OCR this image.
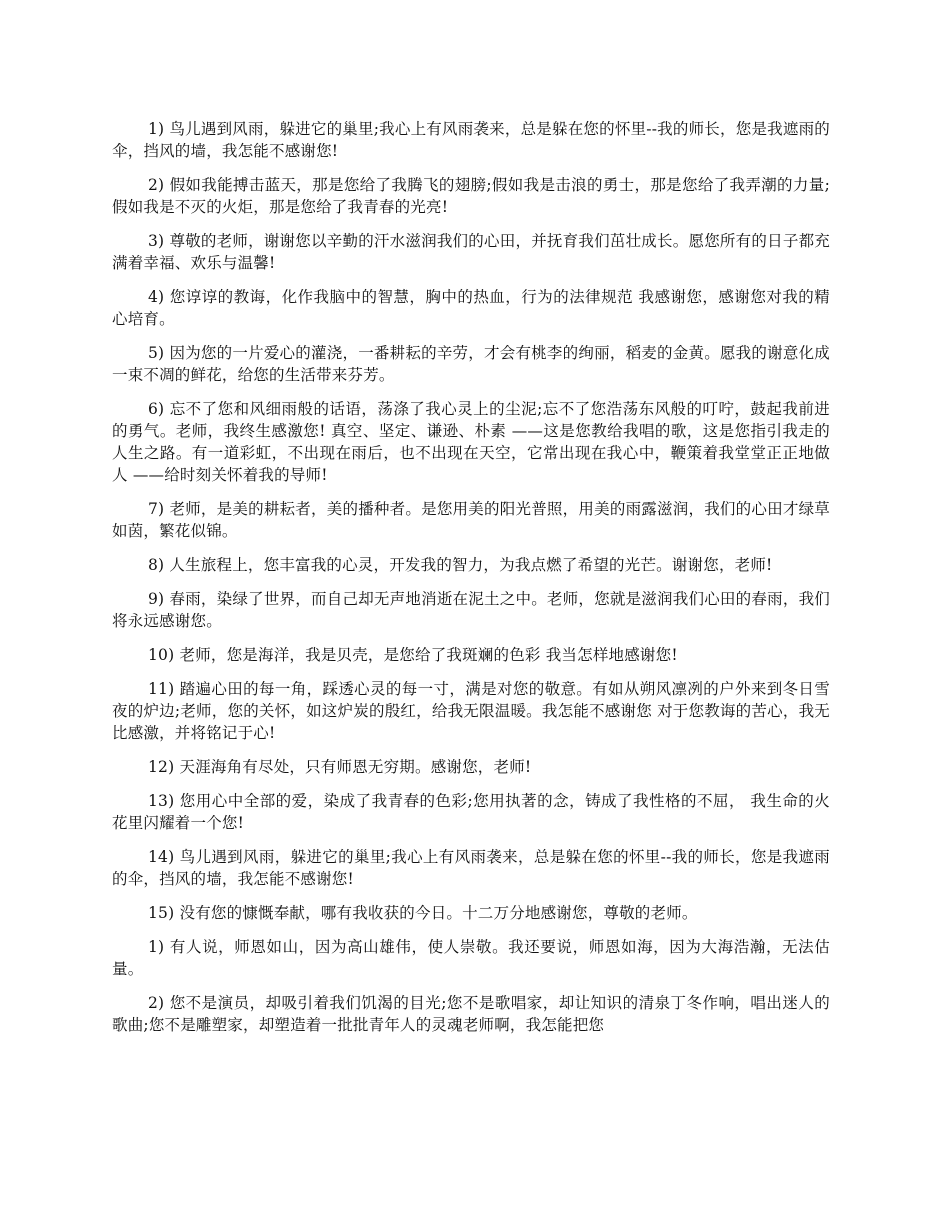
1) 鸟儿遇到风雨，躲进它的巢里;我心上有风雨袭来，总是躲在您的怀里--我的师长，您是我遮雨的伞，挡风的墙，我怎能不感谢您!

2) 假如我能搏击蓝天，那是您给了我腾飞的翅膀;假如我是击浪的勇士，那是您给了我弄潮的力量;假如我是不灭的火炬，那是您给了我青春的光亮!

3) 尊敬的老师，谢谢您以辛勤的汗水滋润我们的心田，并抚育我们茁壮成长。愿您所有的日子都充满着幸福、欢乐与温馨!

4) 您谆谆的教诲，化作我脑中的智慧，胸中的热血，行为的法律规范 我感谢您，感谢您对我的精心培育。

5) 因为您的一片爱心的灌浇，一番耕耘的辛劳，才会有桃李的绚丽，稻麦的金黄。愿我的谢意化成一束不凋的鲜花，给您的生活带来芬芳。

6) 忘不了您和风细雨般的话语，荡涤了我心灵上的尘泥;忘不了您浩荡东风般的叮咛，鼓起我前进的勇气。老师，我终生感激您! 真空、坚定、谦逊、朴素 ——这是您教给我唱的歌，这是您指引我走的人生之路。有一道彩虹，不出现在雨后，也不出现在天空，它常出现在我心中，鞭策着我堂堂正正地做人 ——给时刻关怀着我的导师!

7) 老师，是美的耕耘者，美的播种者。是您用美的阳光普照，用美的雨露滋润，我们的心田才绿草如茵，繁花似锦。

8) 人生旅程上，您丰富我的心灵，开发我的智力，为我点燃了希望的光芒。谢谢您，老师!

9) 春雨，染绿了世界，而自己却无声地消逝在泥土之中。老师，您就是滋润我们心田的春雨，我们将永远感谢您。

10) 老师，您是海洋，我是贝壳，是您给了我斑斓的色彩 我当怎样地感谢您!

11) 踏遍心田的每一角，踩透心灵的每一寸，满是对您的敬意。有如从朔风凛冽的户外来到冬日雪夜的炉边;老师，您的关怀，如这炉炭的殷红，给我无限温暖。我怎能不感谢您 对于您教诲的苦心，我无比感激，并将铭记于心!

12) 天涯海角有尽处，只有师恩无穷期。感谢您，老师!

13) 您用心中全部的爱，染成了我青春的色彩;您用执著的念，铸成了我性格的不屈， 我生命的火花里闪耀着一个您!

14) 鸟儿遇到风雨，躲进它的巢里;我心上有风雨袭来，总是躲在您的怀里--我的师长，您是我遮雨的伞，挡风的墙，我怎能不感谢您!

15) 没有您的慷慨奉献，哪有我收获的今日。十二万分地感谢您，尊敬的老师。

1) 有人说，师恩如山，因为高山雄伟，使人崇敬。我还要说，师恩如海，因为大海浩瀚，无法估量。

2) 您不是演员，却吸引着我们饥渴的目光;您不是歌唱家，却让知识的清泉丁冬作响，唱出迷人的歌曲;您不是雕塑家，却塑造着一批批青年人的灵魂老师啊，我怎能把您
